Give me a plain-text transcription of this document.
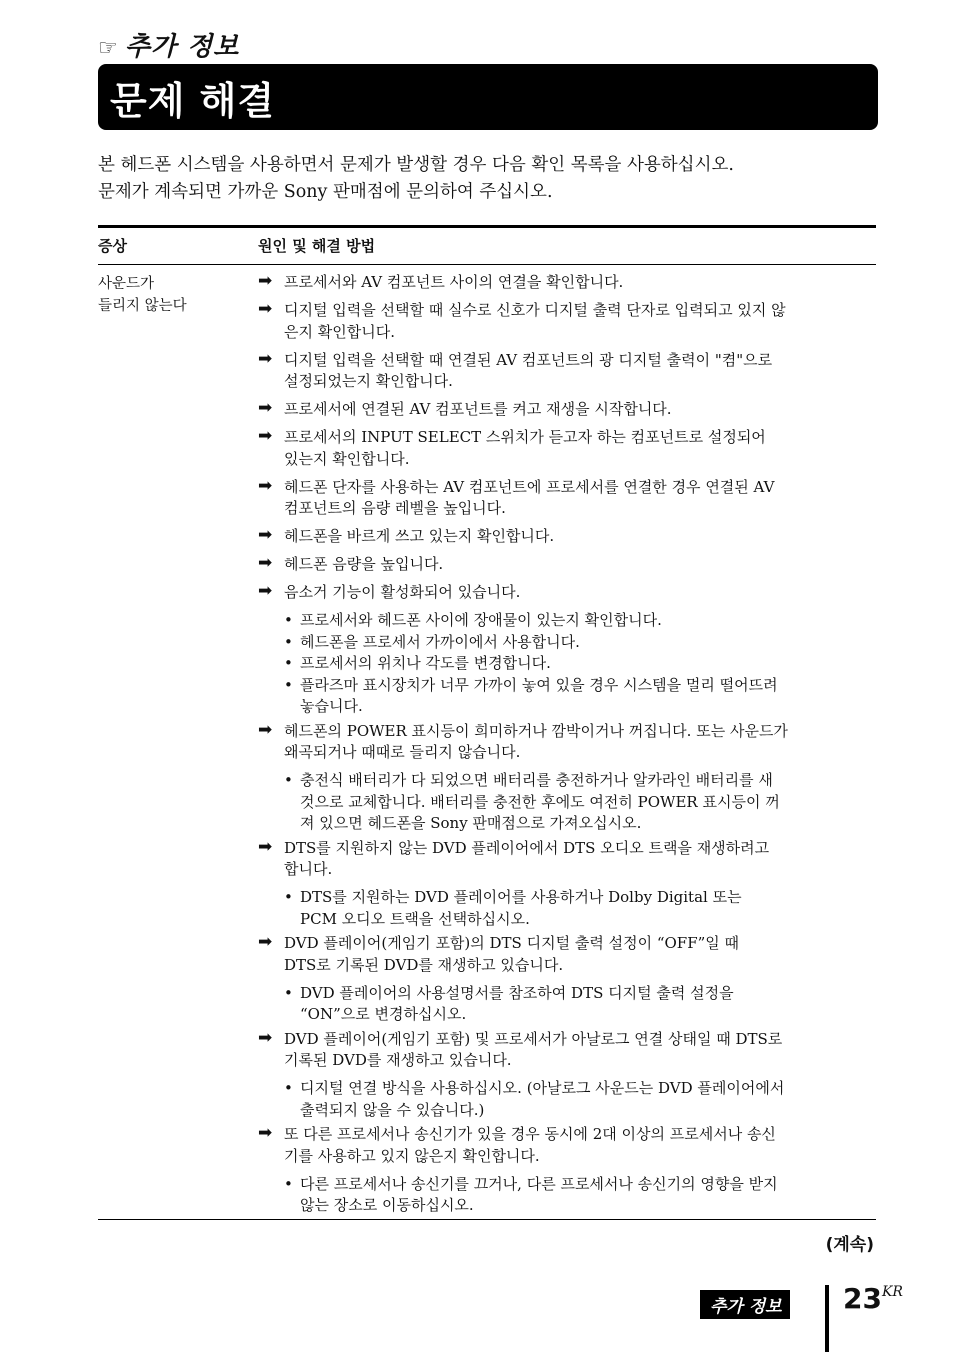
☞ 추가 정보
문제 해결
본 헤드폰 시스템을 사용하면서 문제가 발생할 경우 다음 확인 목록을 사용하십시오.
문제가 계속되면 가까운 Sony 판매점에 문의하여 주십시오.
증상	원인 및 해결 방법
사운드가
들리지 않는다
➡ 프로세서와 AV 컴포넌트 사이의 연결을 확인합니다.
➡ 디지털 입력을 선택할 때 실수로 신호가 디지털 출력 단자로 입력되고 있지 않
은지 확인합니다.
➡ 디지털 입력을 선택할 때 연결된 AV 컴포넌트의 광 디지털 출력이 "켬"으로
설정되었는지 확인합니다.
➡ 프로세서에 연결된 AV 컴포넌트를 켜고 재생을 시작합니다.
➡ 프로세서의 INPUT SELECT 스위치가 듣고자 하는 컴포넌트로 설정되어
있는지 확인합니다.
➡ 헤드폰 단자를 사용하는 AV 컴포넌트에 프로세서를 연결한 경우 연결된 AV
컴포넌트의 음량 레벨을 높입니다.
➡ 헤드폰을 바르게 쓰고 있는지 확인합니다.
➡ 헤드폰 음량을 높입니다.
➡ 음소거 기능이 활성화되어 있습니다.
• 프로세서와 헤드폰 사이에 장애물이 있는지 확인합니다.
• 헤드폰을 프로세서 가까이에서 사용합니다.
• 프로세서의 위치나 각도를 변경합니다.
• 플라즈마 표시장치가 너무 가까이 놓여 있을 경우 시스템을 멀리 떨어뜨려
놓습니다.
➡ 헤드폰의 POWER 표시등이 희미하거나 깜박이거나 꺼집니다. 또는 사운드가
왜곡되거나 때때로 들리지 않습니다.
• 충전식 배터리가 다 되었으면 배터리를 충전하거나 알카라인 배터리를 새
것으로 교체합니다. 배터리를 충전한 후에도 여전히 POWER 표시등이 꺼
져 있으면 헤드폰을 Sony 판매점으로 가져오십시오.
➡ DTS를 지원하지 않는 DVD 플레이어에서 DTS 오디오 트랙을 재생하려고
합니다.
• DTS를 지원하는 DVD 플레이어를 사용하거나 Dolby Digital 또는
PCM 오디오 트랙을 선택하십시오.
➡ DVD 플레이어(게임기 포함)의 DTS 디지털 출력 설정이 “OFF”일 때
DTS로 기록된 DVD를 재생하고 있습니다.
• DVD 플레이어의 사용설명서를 참조하여 DTS 디지털 출력 설정을
“ON”으로 변경하십시오.
➡ DVD 플레이어(게임기 포함) 및 프로세서가 아날로그 연결 상태일 때 DTS로
기록된 DVD를 재생하고 있습니다.
• 디지털 연결 방식을 사용하십시오. (아날로그 사운드는 DVD 플레이어에서
출력되지 않을 수 있습니다.)
➡ 또 다른 프로세서나 송신기가 있을 경우 동시에 2대 이상의 프로세서나 송신
기를 사용하고 있지 않은지 확인합니다.
• 다른 프로세서나 송신기를 끄거나, 다른 프로세서나 송신기의 영향을 받지
않는 장소로 이동하십시오.
(계속)
추가 정보 $23^{KR}$
